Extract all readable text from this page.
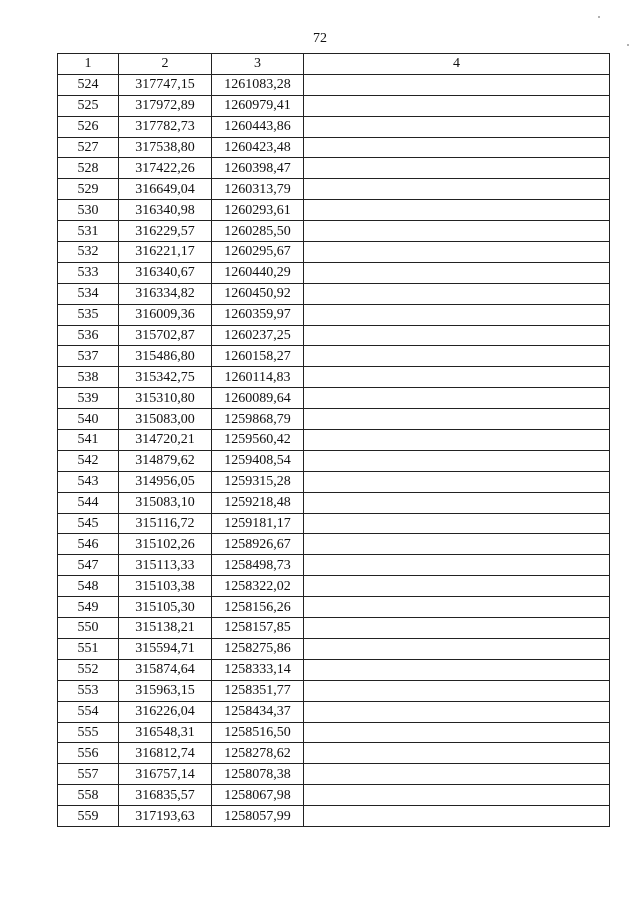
72
1	2	3	4
524	317747,15	1261083,28	
525	317972,89	1260979,41	
526	317782,73	1260443,86	
527	317538,80	1260423,48	
528	317422,26	1260398,47	
529	316649,04	1260313,79	
530	316340,98	1260293,61	
531	316229,57	1260285,50	
532	316221,17	1260295,67	
533	316340,67	1260440,29	
534	316334,82	1260450,92	
535	316009,36	1260359,97	
536	315702,87	1260237,25	
537	315486,80	1260158,27	
538	315342,75	1260114,83	
539	315310,80	1260089,64	
540	315083,00	1259868,79	
541	314720,21	1259560,42	
542	314879,62	1259408,54	
543	314956,05	1259315,28	
544	315083,10	1259218,48	
545	315116,72	1259181,17	
546	315102,26	1258926,67	
547	315113,33	1258498,73	
548	315103,38	1258322,02	
549	315105,30	1258156,26	
550	315138,21	1258157,85	
551	315594,71	1258275,86	
552	315874,64	1258333,14	
553	315963,15	1258351,77	
554	316226,04	1258434,37	
555	316548,31	1258516,50	
556	316812,74	1258278,62	
557	316757,14	1258078,38	
558	316835,57	1258067,98	
559	317193,63	1258057,99	
